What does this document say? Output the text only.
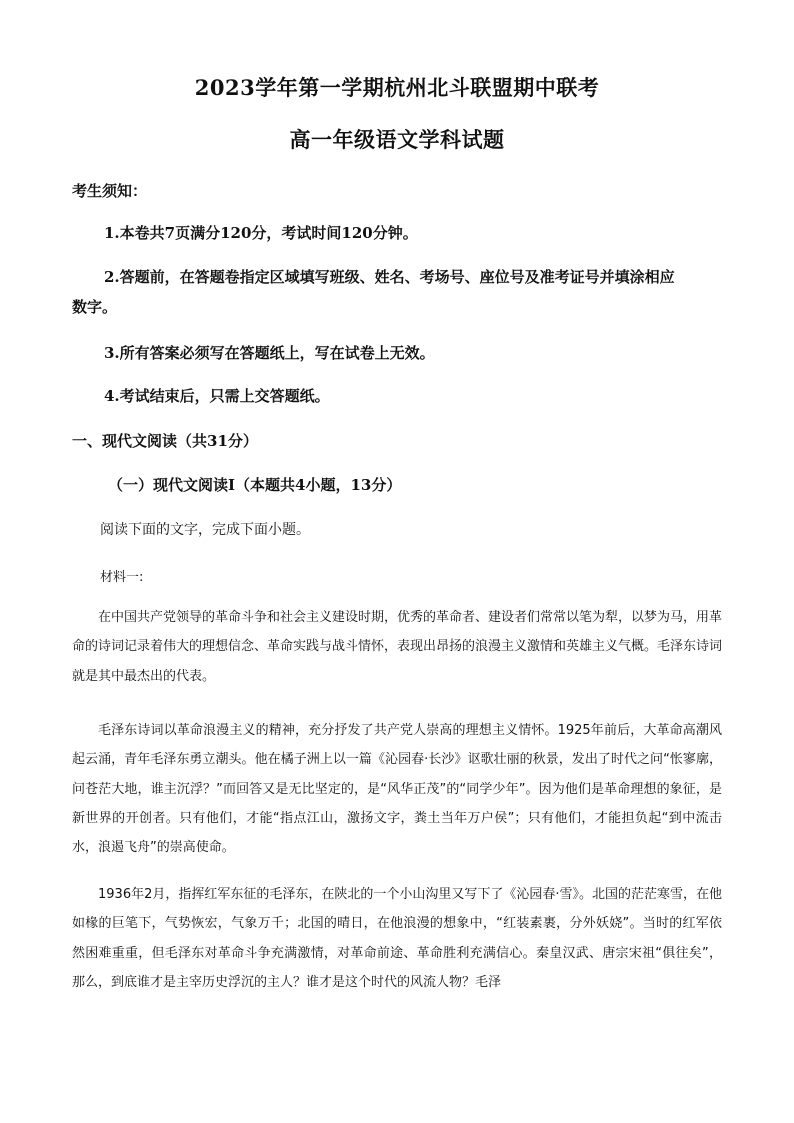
2023学年第一学期杭州北斗联盟期中联考
高一年级语文学科试题
考生须知：
1.本卷共7页满分120分，考试时间120分钟。
2.答题前，在答题卷指定区域填写班级、姓名、考场号、座位号及准考证号并填涂相应
数字。
3.所有答案必须写在答题纸上，写在试卷上无效。
4.考试结束后，只需上交答题纸。
一、现代文阅读（共31分）
（一）现代文阅读Ⅰ（本题共4小题，13分）
阅读下面的文字，完成下面小题。
材料一:
在中国共产党领导的革命斗争和社会主义建设时期，优秀的革命者、建设者们常常以笔为犁，以梦为马，用革命的诗词记录着伟大的理想信念、革命实践与战斗情怀，表现出昂扬的浪漫主义激情和英雄主义气概。毛泽东诗词就是其中最杰出的代表。
毛泽东诗词以革命浪漫主义的精神，充分抒发了共产党人崇高的理想主义情怀。1925年前后，大革命高潮风起云涌，青年毛泽东勇立潮头。他在橘子洲上以一篇《沁园春·长沙》讴歌壮丽的秋景，发出了时代之问“怅寥廓，问苍茫大地，谁主沉浮？”而回答又是无比坚定的，是“风华正茂”的“同学少年”。因为他们是革命理想的象征，是新世界的开创者。只有他们，才能“指点江山，激扬文字，粪土当年万户侯”；只有他们，才能担负起“到中流击水，浪遏飞舟”的崇高使命。
1936年2月，指挥红军东征的毛泽东，在陕北的一个小山沟里又写下了《沁园春·雪》。北国的茫茫寒雪，在他如椽的巨笔下，气势恢宏，气象万千；北国的晴日，在他浪漫的想象中，“红装素裹，分外妖娆”。当时的红军依然困难重重，但毛泽东对革命斗争充满激情，对革命前途、革命胜利充满信心。秦皇汉武、唐宗宋祖“俱往矣”，那么，到底谁才是主宰历史浮沉的主人？谁才是这个时代的风流人物？毛泽
